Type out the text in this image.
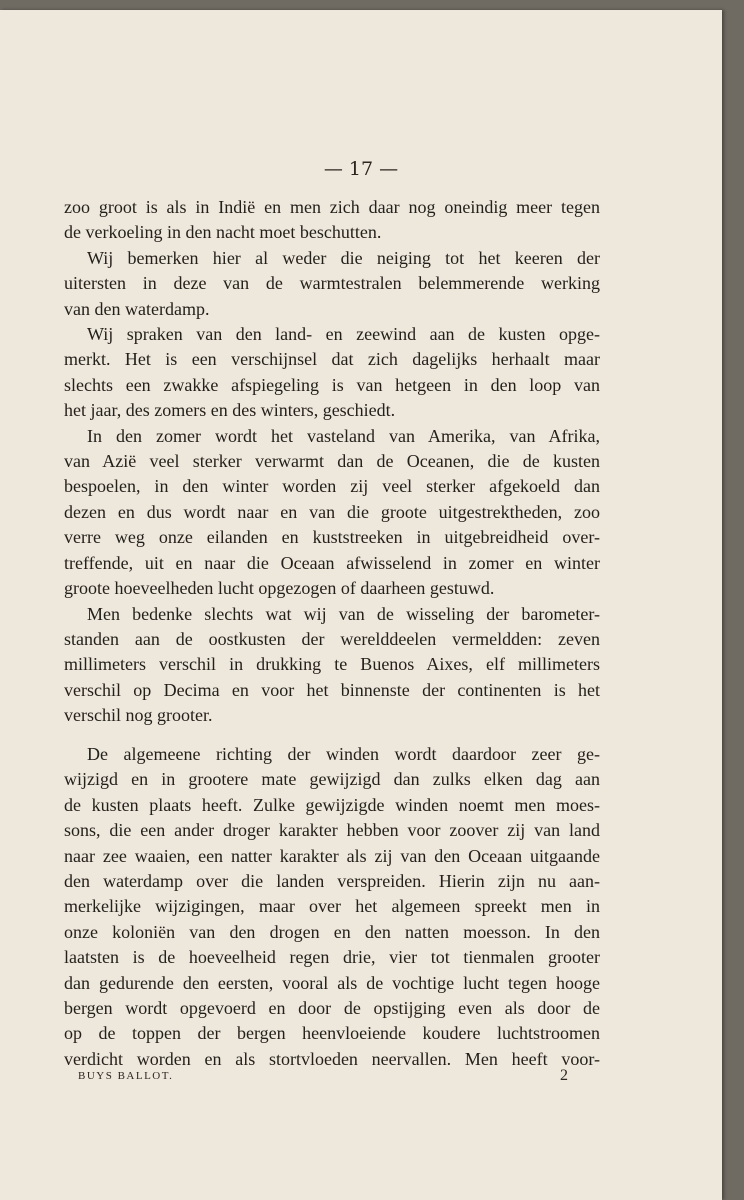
— 17 —
zoo groot is als in Indië en men zich daar nog oneindig meer tegen
de verkoeling in den nacht moet beschutten.
Wij bemerken hier al weder die neiging tot het keeren der
uitersten in deze van de warmtestralen belemmerende werking
van den waterdamp.
Wij spraken van den land- en zeewind aan de kusten opge-
merkt. Het is een verschijnsel dat zich dagelijks herhaalt maar
slechts een zwakke afspiegeling is van hetgeen in den loop van
het jaar, des zomers en des winters, geschiedt.
In den zomer wordt het vasteland van Amerika, van Afrika,
van Azië veel sterker verwarmt dan de Oceanen, die de kusten
bespoelen, in den winter worden zij veel sterker afgekoeld dan
dezen en dus wordt naar en van die groote uitgestrektheden, zoo
verre weg onze eilanden en kuststreeken in uitgebreidheid over-
treffende, uit en naar die Oceaan afwisselend in zomer en winter
groote hoeveelheden lucht opgezogen of daarheen gestuwd.
Men bedenke slechts wat wij van de wisseling der barometer-
standen aan de oostkusten der werelddeelen vermeldden: zeven
millimeters verschil in drukking te Buenos Aixes, elf millimeters
verschil op Decima en voor het binnenste der continenten is het
verschil nog grooter.
De algemeene richting der winden wordt daardoor zeer ge-
wijzigd en in grootere mate gewijzigd dan zulks elken dag aan
de kusten plaats heeft. Zulke gewijzigde winden noemt men moes-
sons, die een ander droger karakter hebben voor zoover zij van land
naar zee waaien, een natter karakter als zij van den Oceaan uitgaande
den waterdamp over die landen verspreiden. Hierin zijn nu aan-
merkelijke wijzigingen, maar over het algemeen spreekt men in
onze koloniën van den drogen en den natten moesson. In den
laatsten is de hoeveelheid regen drie, vier tot tienmalen grooter
dan gedurende den eersten, vooral als de vochtige lucht tegen hooge
bergen wordt opgevoerd en door de opstijging even als door de
op de toppen der bergen heenvloeiende koudere luchtstroomen
verdicht worden en als stortvloeden neervallen. Men heeft voor-
BUYS BALLOT.	2
